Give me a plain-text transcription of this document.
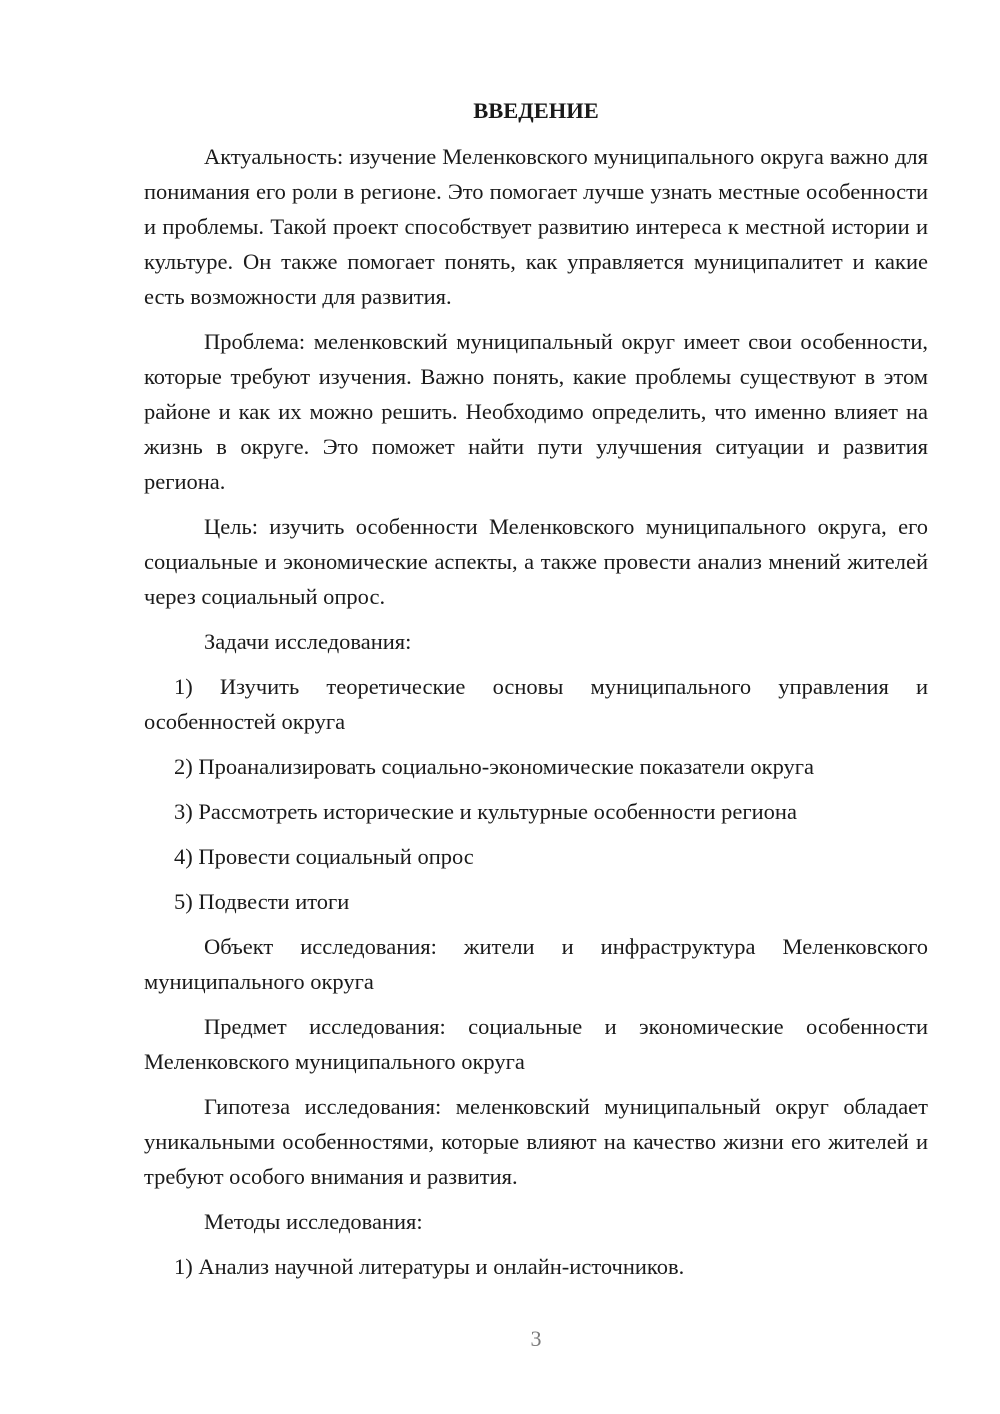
ВВЕДЕНИЕ

Актуальность: изучение Меленковского муниципального округа важно для понимания его роли в регионе. Это помогает лучше узнать местные особенности и проблемы. Такой проект способствует развитию интереса к местной истории и культуре. Он также помогает понять, как управляется муниципалитет и какие есть возможности для развития.

Проблема: меленковский муниципальный округ имеет свои особенности, которые требуют изучения. Важно понять, какие проблемы существуют в этом районе и как их можно решить. Необходимо определить, что именно влияет на жизнь в округе. Это поможет найти пути улучшения ситуации и развития региона.

Цель: изучить особенности Меленковского муниципального округа, его социальные и экономические аспекты, а также провести анализ мнений жителей через социальный опрос.

Задачи исследования:

1) Изучить теоретические основы муниципального управления и особенностей округа

2) Проанализировать социально-экономические показатели округа

3) Рассмотреть исторические и культурные особенности региона

4) Провести социальный опрос

5) Подвести итоги

Объект исследования: жители и инфраструктура Меленковского муниципального округа

Предмет исследования: социальные и экономические особенности Меленковского муниципального округа

Гипотеза исследования: меленковский муниципальный округ обладает уникальными особенностями, которые влияют на качество жизни его жителей и требуют особого внимания и развития.

Методы исследования:

1) Анализ научной литературы и онлайн-источников.

3
